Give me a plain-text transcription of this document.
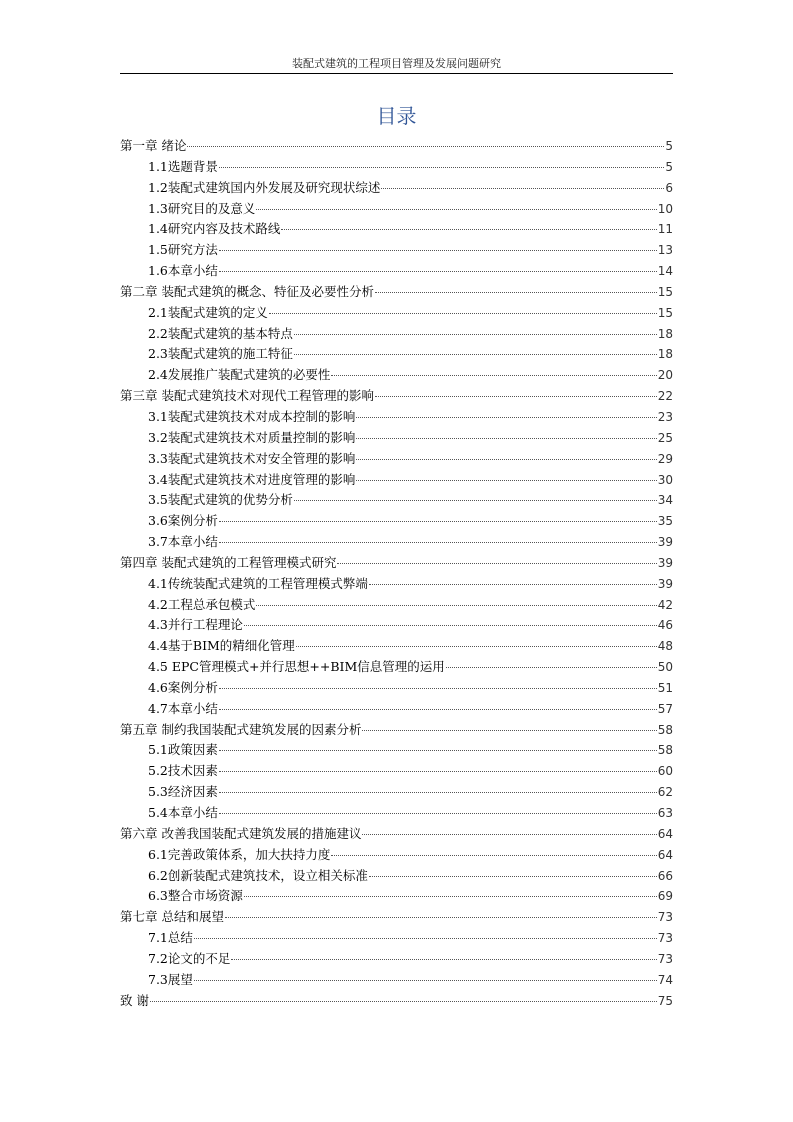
装配式建筑的工程项目管理及发展问题研究
目录
第一章 绪论	5
1.1选题背景	5
1.2装配式建筑国内外发展及研究现状综述	6
1.3研究目的及意义	10
1.4研究内容及技术路线	11
1.5研究方法	13
1.6本章小结	14
第二章 装配式建筑的概念、特征及必要性分析	15
2.1装配式建筑的定义	15
2.2装配式建筑的基本特点	18
2.3装配式建筑的施工特征	18
2.4发展推广装配式建筑的必要性	20
第三章 装配式建筑技术对现代工程管理的影响	22
3.1装配式建筑技术对成本控制的影响	23
3.2装配式建筑技术对质量控制的影响	25
3.3装配式建筑技术对安全管理的影响	29
3.4装配式建筑技术对进度管理的影响	30
3.5装配式建筑的优势分析	34
3.6案例分析	35
3.7本章小结	39
第四章 装配式建筑的工程管理模式研究	39
4.1传统装配式建筑的工程管理模式弊端	39
4.2工程总承包模式	42
4.3并行工程理论	46
4.4基于BIM的精细化管理	48
4.5 EPC管理模式+并行思想++BIM信息管理的运用	50
4.6案例分析	51
4.7本章小结	57
第五章 制约我国装配式建筑发展的因素分析	58
5.1政策因素	58
5.2技术因素	60
5.3经济因素	62
5.4本章小结	63
第六章 改善我国装配式建筑发展的措施建议	64
6.1完善政策体系，加大扶持力度	64
6.2创新装配式建筑技术，设立相关标准	66
6.3整合市场资源	69
第七章 总结和展望	73
7.1总结	73
7.2论文的不足	73
7.3展望	74
致 谢	75
